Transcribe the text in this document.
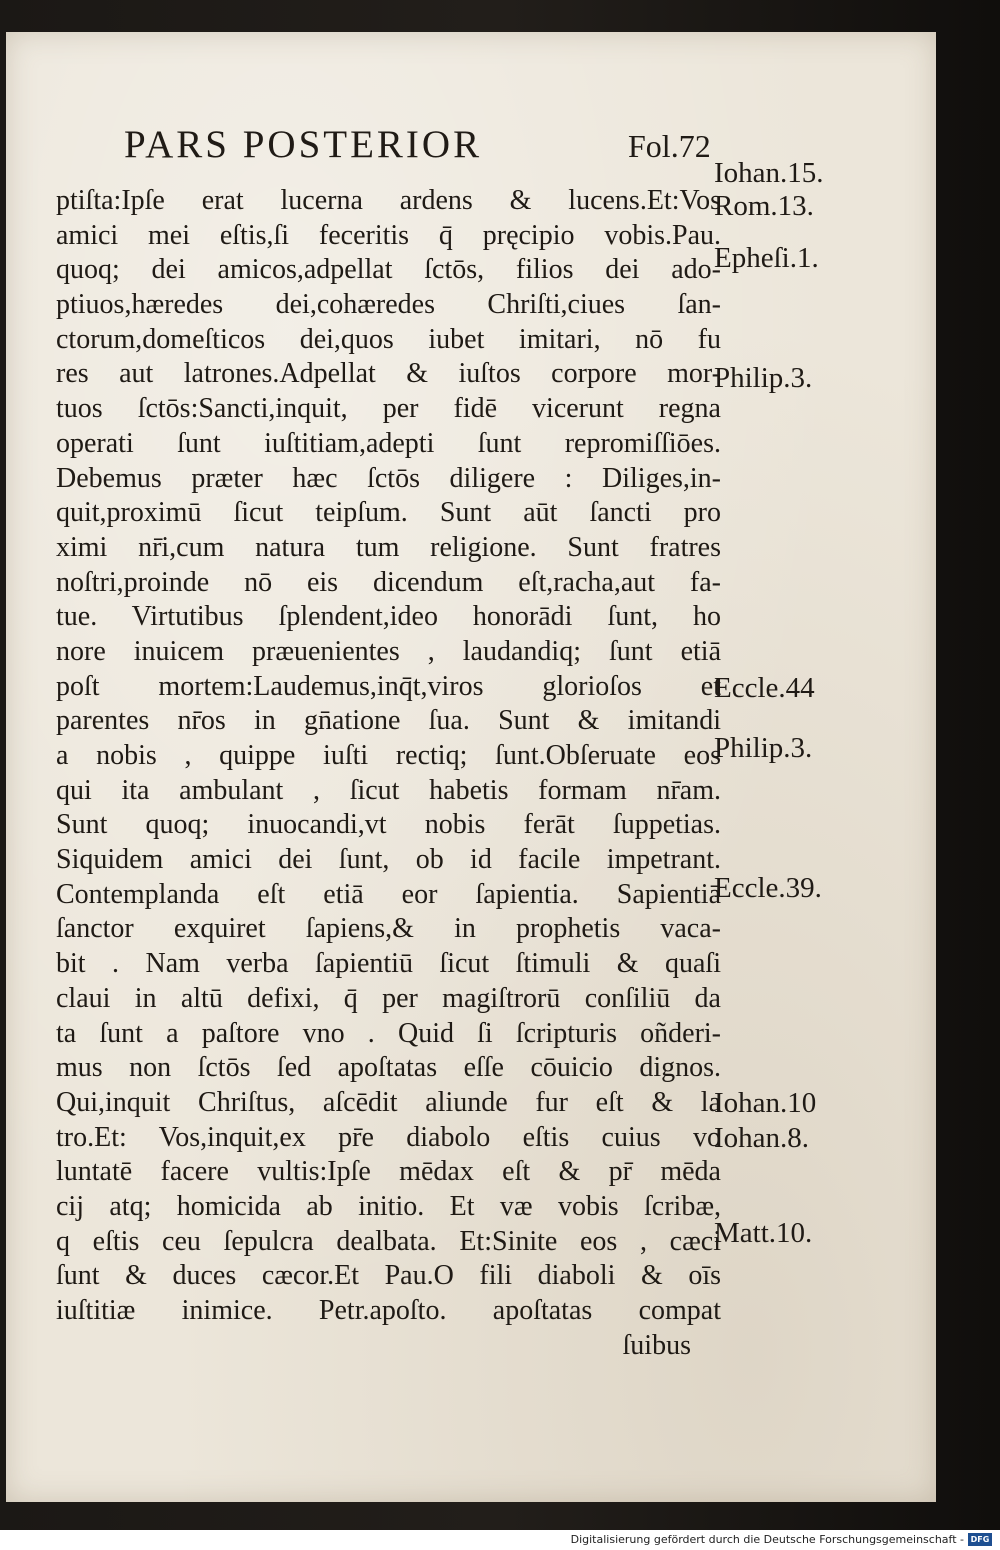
PARS POSTERIOR	Fol.72
ptiſta:Ipſe erat lucerna ardens & lucens.Et:Vos
amici mei eſtis,ſi feceritis q̄ pręcipio vobis.Pau.
quoq; dei amicos,adpellat ſctōs, filios dei ado-
ptiuos,hæredes dei,cohæredes Chriſti,ciues ſan-
ctorum,domeſticos dei,quos iubet imitari, nō fu
res aut latrones.Adpellat & iuſtos corpore mor-
tuos ſctōs:Sancti,inquit, per fidē vicerunt regna
operati ſunt iuſtitiam,adepti ſunt repromiſſiōes.
Debemus præter hæc ſctōs diligere : Diliges,in-
quit,proximū ſicut teipſum. Sunt aūt ſancti pro
ximi nr̄i,cum natura tum religione. Sunt fratres
noſtri,proinde nō eis dicendum eſt,racha,aut fa-
tue. Virtutibus ſplendent,ideo honorādi ſunt, ho
nore inuicem præuenientes , laudandiq; ſunt etiā
poſt mortem:Laudemus,inq̄t,viros glorioſos et
parentes nr̄os in gn̄atione ſua. Sunt & imitandi
a nobis , quippe iuſti rectiq; ſunt.Obſeruate eos
qui ita ambulant , ſicut habetis formam nr̄am.
Sunt quoq; inuocandi,vt nobis ferāt ſuppetias.
Siquidem amici dei ſunt, ob id facile impetrant.
Contemplanda eſt etiā eor ſapientia. Sapientiā
ſanctor exquiret ſapiens,& in prophetis vaca-
bit . Nam verba ſapientiū ſicut ſtimuli & quaſi
claui in altū defixi, q̄ per magiſtrorū conſiliū da
ta ſunt a paſtore vno . Quid ſi ſcripturis oñderi-
mus non ſctōs ſed apoſtatas eſſe cōuicio dignos.
Qui,inquit Chriſtus, aſcēdit aliunde fur eſt & la
tro.Et: Vos,inquit,ex pr̄e diabolo eſtis cuius vo
luntatē facere vultis:Ipſe mēdax eſt & pr̄ mēda
cij atq; homicida ab initio. Et væ vobis ſcribæ,
q eſtis ceu ſepulcra dealbata. Et:Sinite eos , cæci
ſunt & duces cæcor.Et Pau.O fili diaboli & oīs
iuſtitiæ inimice. Petr.apoſto. apoſtatas compat
ſuibus
Iohan.15.
Rom.13.
Epheſi.1.
Philip.3.
Eccle.44
Philip.3.
Eccle.39.
Iohan.10
Iohan.8.
Matt.10.
Digitalisierung gefördert durch die Deutsche Forschungsgemeinschaft - DFG
